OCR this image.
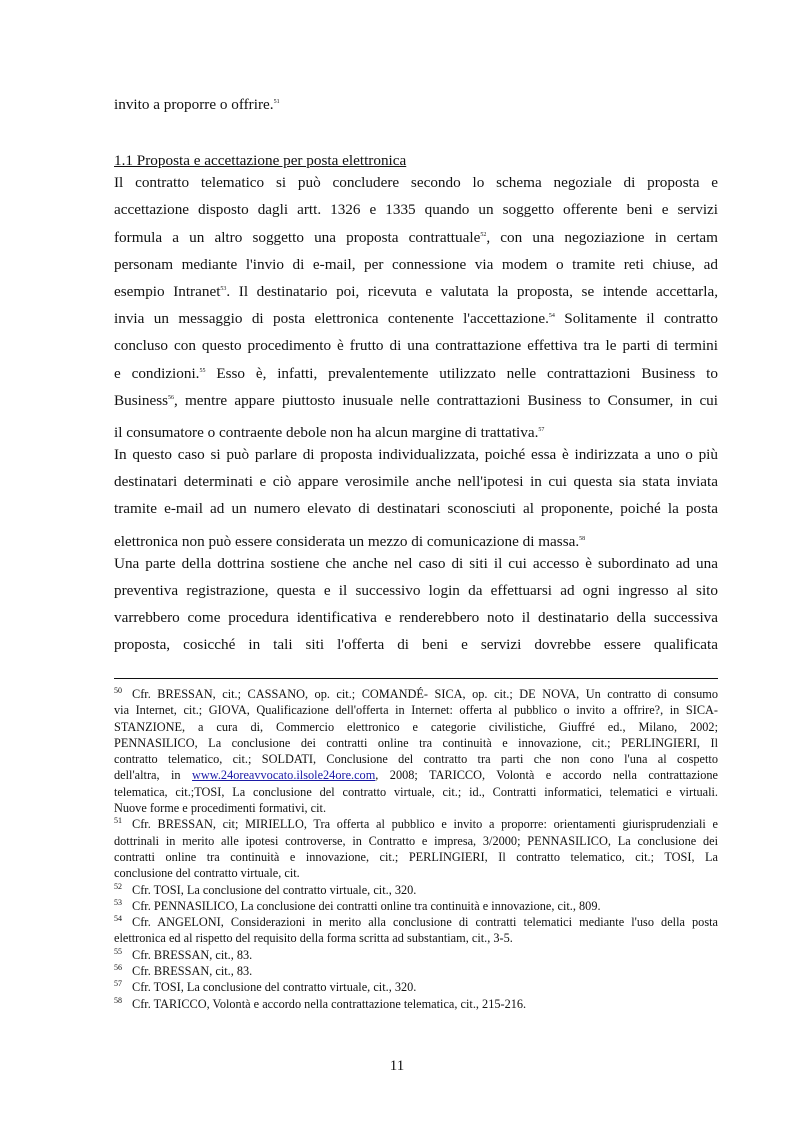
invito a proporre o offrire.$^{51}$
1.1 Proposta e accettazione per posta elettronica
Il contratto telematico si può concludere secondo lo schema negoziale di proposta e
accettazione disposto dagli artt. 1326 e 1335 quando un soggetto offerente beni e servizi
formula a un altro soggetto una proposta contrattuale$^{52}$, con una negoziazione in certam
personam mediante l'invio di e-mail, per connessione via modem o tramite reti chiuse, ad
esempio Intranet$^{53}$. Il destinatario poi, ricevuta e valutata la proposta, se intende accettarla,
invia un messaggio di posta elettronica contenente l'accettazione.$^{54}$ Solitamente il contratto
concluso con questo procedimento è frutto di una contrattazione effettiva tra le parti di termini
e condizioni.$^{55}$ Esso è, infatti, prevalentemente utilizzato nelle contrattazioni Business to
Business$^{56}$, mentre appare piuttosto inusuale nelle contrattazioni Business to Consumer, in cui
il consumatore o contraente debole non ha alcun margine di trattativa.$^{57}$
In questo caso si può parlare di proposta individualizzata, poiché essa è indirizzata a uno o più
destinatari determinati e ciò appare verosimile anche nell'ipotesi in cui questa sia stata inviata
tramite e-mail ad un numero elevato di destinatari sconosciuti al proponente, poiché la posta
elettronica non può essere considerata un mezzo di comunicazione di massa.$^{58}$
Una parte della dottrina sostiene che anche nel caso di siti il cui accesso è subordinato ad una
preventiva registrazione, questa e il successivo login da effettuarsi ad ogni ingresso al sito
varrebbero come procedura identificativa e renderebbero noto il destinatario della successiva
proposta, cosicché in tali siti l'offerta di beni e servizi dovrebbe essere qualificata
$^{50}$ Cfr. BRESSAN, cit.; CASSANO, op. cit.; COMANDÉ- SICA, op. cit.; DE NOVA, Un contratto di consumo
via Internet, cit.; GIOVA, Qualificazione dell'offerta in Internet: offerta al pubblico o invito a offrire?, in SICA-
STANZIONE, a cura di, Commercio elettronico e categorie civilistiche, Giuffré ed., Milano, 2002;
PENNASILICO, La conclusione dei contratti online tra continuità e innovazione, cit.; PERLINGIERI, Il
contratto telematico, cit.; SOLDATI, Conclusione del contratto tra parti che non cono l'una al cospetto
dell'altra, in www.24oreavvocato.ilsole24ore.com, 2008; TARICCO, Volontà e accordo nella contrattazione
telematica, cit.;TOSI, La conclusione del contratto virtuale, cit.; id., Contratti informatici, telematici e virtuali.
Nuove forme e procedimenti formativi, cit.
$^{51}$ Cfr. BRESSAN, cit; MIRIELLO, Tra offerta al pubblico e invito a proporre: orientamenti giurisprudenziali e
dottrinali in merito alle ipotesi controverse, in Contratto e impresa, 3/2000; PENNASILICO, La conclusione dei
contratti online tra continuità e innovazione, cit.; PERLINGIERI, Il contratto telematico, cit.; TOSI, La
conclusione del contratto virtuale, cit.
$^{52}$ Cfr. TOSI, La conclusione del contratto virtuale, cit., 320.
$^{53}$ Cfr. PENNASILICO, La conclusione dei contratti online tra continuità e innovazione, cit., 809.
$^{54}$ Cfr. ANGELONI, Considerazioni in merito alla conclusione di contratti telematici mediante l'uso della posta
elettronica ed al rispetto del requisito della forma scritta ad substantiam, cit., 3-5.
$^{55}$ Cfr. BRESSAN, cit., 83.
$^{56}$ Cfr. BRESSAN, cit., 83.
$^{57}$ Cfr. TOSI, La conclusione del contratto virtuale, cit., 320.
$^{58}$ Cfr. TARICCO, Volontà e accordo nella contrattazione telematica, cit., 215-216.
11
